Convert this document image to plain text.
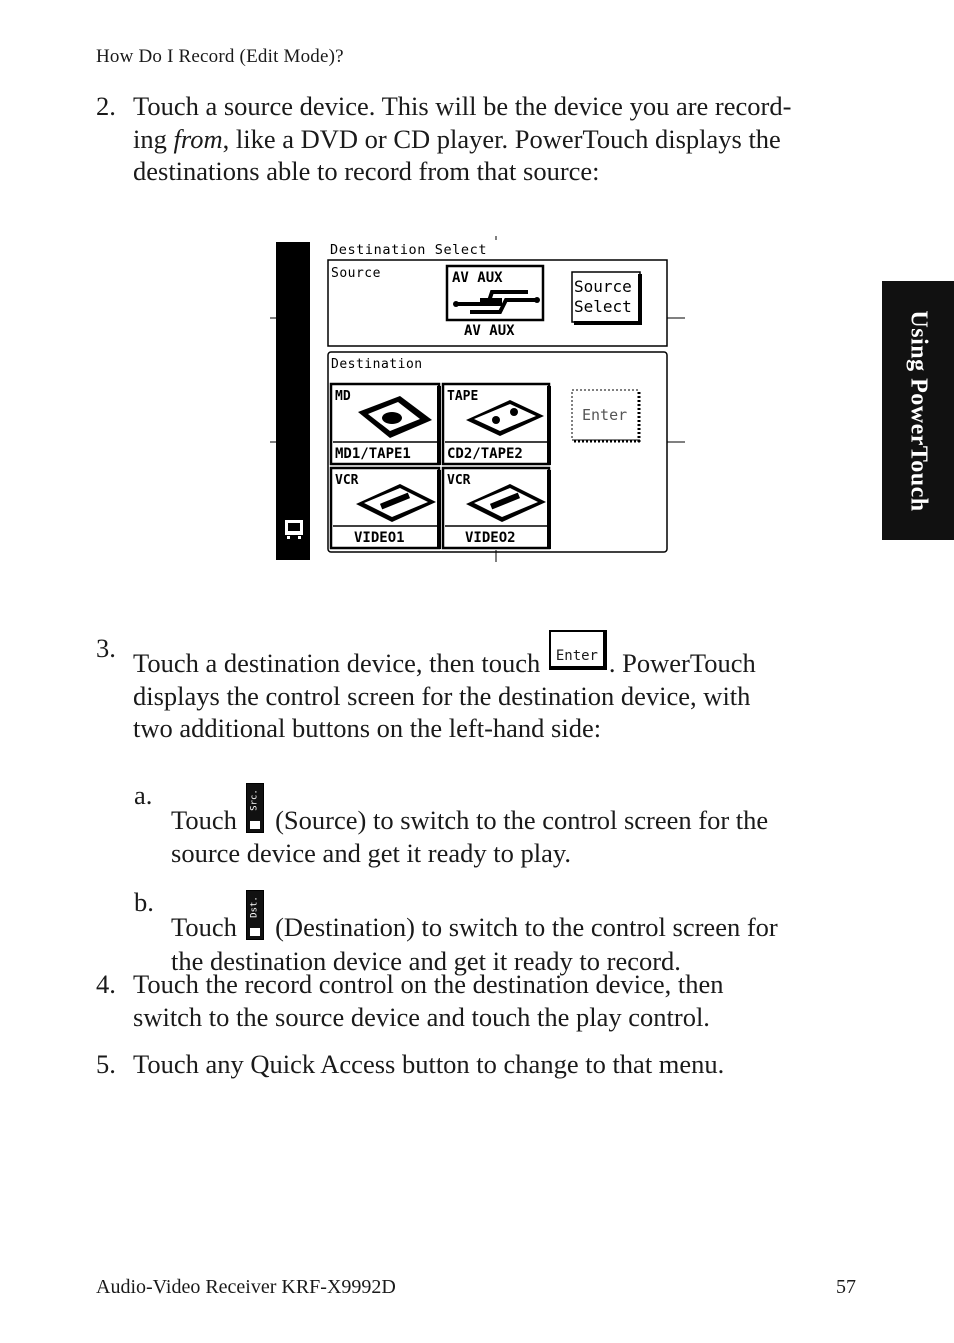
How Do I Record (Edit Mode)?
Using PowerTouch
2. Touch a source device. This will be the device you are record-
ing from, like a DVD or CD player. PowerTouch displays the
destinations able to record from that source:
Destination Select
Source	AV AUX
AV AUX
Source
Select
Destination
MD
MD1/TAPE1
TAPE
CD2/TAPE2
Enter
VCR
VIDEO1
VCR
VIDEO2
3. Touch a destination device, then touch Enter . PowerTouch
displays the control screen for the destination device, with
two additional buttons on the left-hand side:
a.
Touch
Src.
(Source) to switch to the control screen for the
source device and get it ready to play.
b.
Touch
Dst.
(Destination) to switch to the control screen for
the destination device and get it ready to record.
4. Touch the record control on the destination device, then
switch to the source device and touch the play control.
5. Touch any Quick Access button to change to that menu.
Audio-Video Receiver KRF-X9992D	57
